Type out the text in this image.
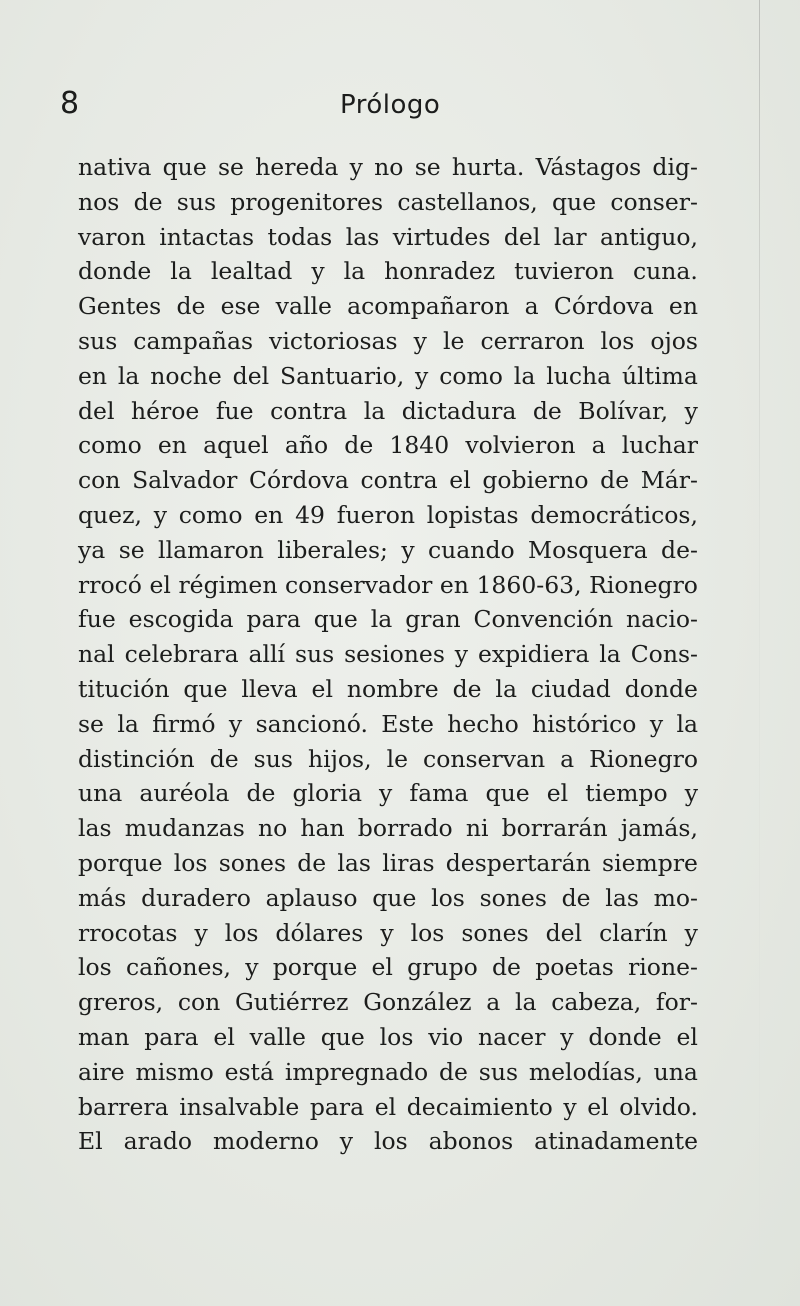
8	Prólogo
nativa que se hereda y no se hurta. Vástagos dig-
nos de sus progenitores castellanos, que conser-
varon intactas todas las virtudes del lar antiguo,
donde la lealtad y la honradez tuvieron cuna.
Gentes de ese valle acompañaron a Córdova en
sus campañas victoriosas y le cerraron los ojos
en la noche del Santuario, y como la lucha última
del héroe fue contra la dictadura de Bolívar, y
como en aquel año de 1840 volvieron a luchar
con Salvador Córdova contra el gobierno de Már-
quez, y como en 49 fueron lopistas democráticos,
ya se llamaron liberales; y cuando Mosquera de-
rrocó el régimen conservador en 1860-63, Rionegro
fue escogida para que la gran Convención nacio-
nal celebrara allí sus sesiones y expidiera la Cons-
titución que lleva el nombre de la ciudad donde
se la firmó y sancionó. Este hecho histórico y la
distinción de sus hijos, le conservan a Rionegro
una auréola de gloria y fama que el tiempo y
las mudanzas no han borrado ni borrarán jamás,
porque los sones de las liras despertarán siempre
más duradero aplauso que los sones de las mo-
rrocotas y los dólares y los sones del clarín y
los cañones, y porque el grupo de poetas rione-
greros, con Gutiérrez González a la cabeza, for-
man para el valle que los vio nacer y donde el
aire mismo está impregnado de sus melodías, una
barrera insalvable para el decaimiento y el olvido.
El arado moderno y los abonos atinadamente
